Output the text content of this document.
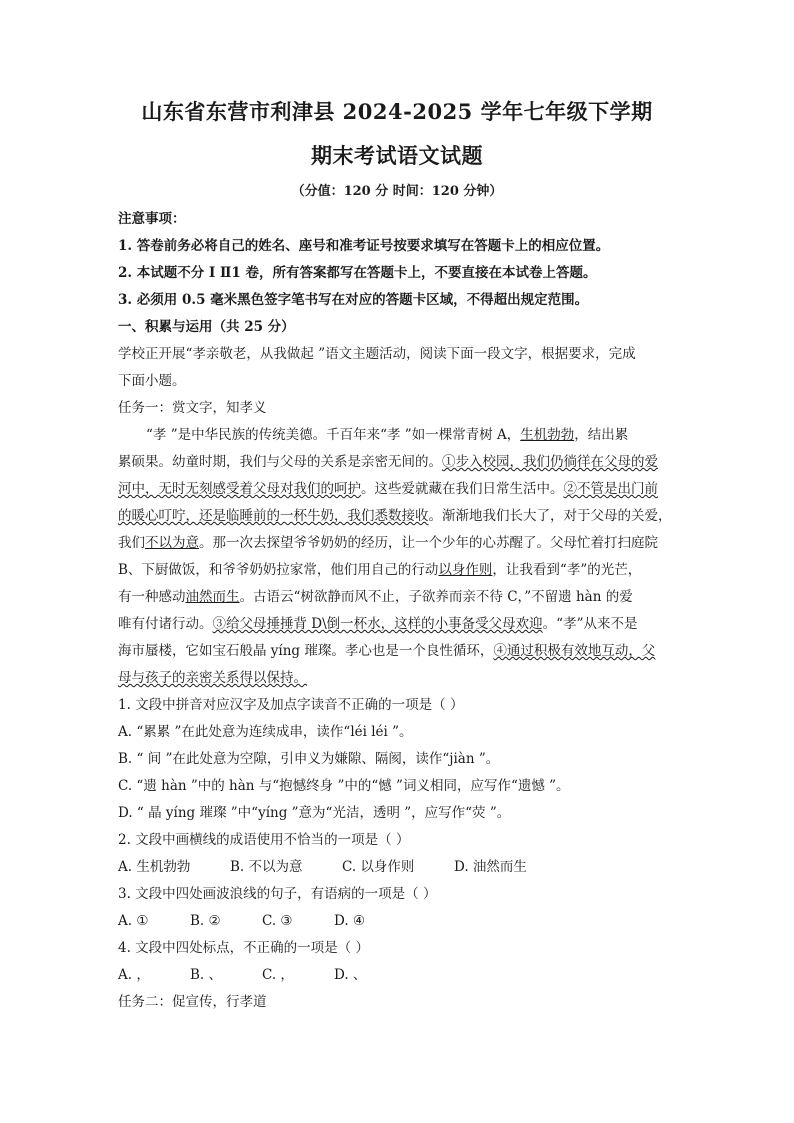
山东省东营市利津县 2024-2025 学年七年级下学期
期末考试语文试题
（分值：120 分 时间：120 分钟）
注意事项：
1. 答卷前务必将自己的姓名、座号和准考证号按要求填写在答题卡上的相应位置。
2. 本试题不分 Ⅰ Ⅱ1 卷，所有答案都写在答题卡上，不要直接在本试卷上答题。
3. 必须用 0.5 毫米黑色签字笔书写在对应的答题卡区域，不得超出规定范围。
一、积累与运用（共 25 分）
学校正开展“孝亲敬老，从我做起 ”语文主题活动，阅读下面一段文字，根据要求，完成
下面小题。
任务一：赏文字，知孝义
“孝 ”是中华民族的传统美德。千百年来“孝 ”如一棵常青树 A，生机勃勃，结出累
累硕果。幼童时期，我们与父母的关系是亲密无间的。①步入校园，我们仍徜徉在父母的爱
河中，无时无刻感受着父母对我们的呵护。这些爱就藏在我们日常生活中。②不管是出门前
的暖心叮咛，还是临睡前的一杯牛奶，我们悉数接收。渐渐地我们长大了，对于父母的关爱，
我们不以为意。那一次去探望爷爷奶奶的经历，让一个少年的心苏醒了。父母忙着打扫庭院
B、下厨做饭，和爷爷奶奶拉家常，他们用自己的行动以身作则，让我看到“孝”的光芒，
有一种感动油然而生。古语云“树欲静而风不止，子欲养而亲不待 C，”不留遗 hàn 的爱
唯有付诸行动。③给父母捶捶背 D\倒一杯水，这样的小事备受父母欢迎。“孝”从来不是
海市蜃楼，它如宝石般晶 yíng 璀璨。孝心也是一个良性循环，④通过积极有效地互动，父
母与孩子的亲密关系得以保持。
1. 文段中拼音对应汉字及加点字读音不正确的一项是（ ）
A. “累累 ”在此处意为连续成串，读作“léi léi ”。
B. “ 间 ”在此处意为空隙，引申义为嫌隙、隔阂，读作“jiàn ”。
C. “遗 hàn ”中的 hàn 与“抱憾终身 ”中的“憾 ”词义相同，应写作“遗憾 ”。
D. “ 晶 yíng 璀璨 ”中“yíng ”意为“光洁，透明 ”，应写作“荧 ”。
2. 文段中画横线的成语使用不恰当的一项是（ ）
A. 生机勃勃	B. 不以为意	C. 以身作则	D. 油然而生
3. 文段中四处画波浪线的句子，有语病的一项是（ ）
A. ①	B. ②	C. ③	D. ④
4. 文段中四处标点，不正确的一项是（ ）
A. ，	B. 、	C. ，	D. 、
任务二：促宣传，行孝道
